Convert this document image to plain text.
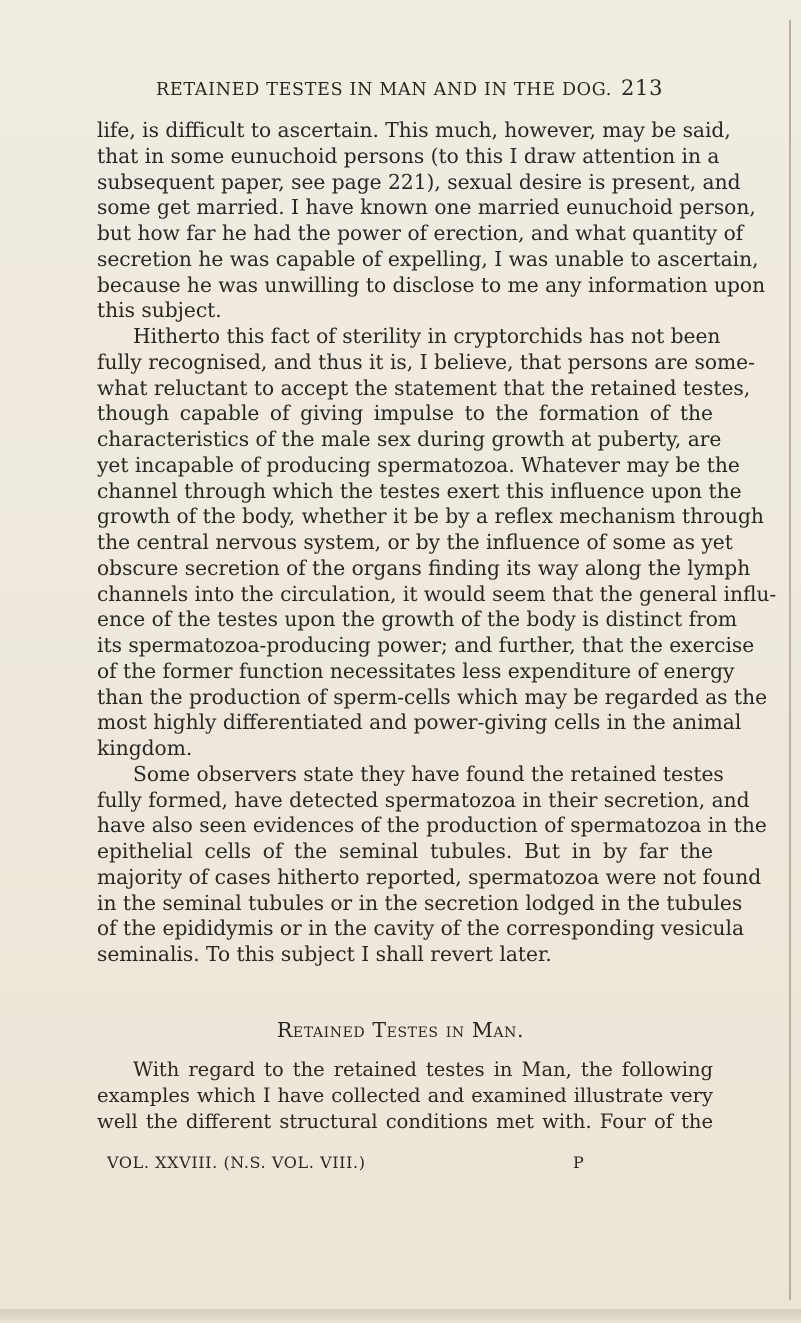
RETAINED TESTES IN MAN AND IN THE DOG. 213
life, is difficult to ascertain. This much, however, may be said,
that in some eunuchoid persons (to this I draw attention in a
subsequent paper, see page 221), sexual desire is present, and
some get married. I have known one married eunuchoid person,
but how far he had the power of erection, and what quantity of
secretion he was capable of expelling, I was unable to ascertain,
because he was unwilling to disclose to me any information upon
this subject.
Hitherto this fact of sterility in cryptorchids has not been
fully recognised, and thus it is, I believe, that persons are some-
what reluctant to accept the statement that the retained testes,
though capable of giving impulse to the formation of the
characteristics of the male sex during growth at puberty, are
yet incapable of producing spermatozoa. Whatever may be the
channel through which the testes exert this influence upon the
growth of the body, whether it be by a reflex mechanism through
the central nervous system, or by the influence of some as yet
obscure secretion of the organs finding its way along the lymph
channels into the circulation, it would seem that the general influ-
ence of the testes upon the growth of the body is distinct from
its spermatozoa-producing power; and further, that the exercise
of the former function necessitates less expenditure of energy
than the production of sperm-cells which may be regarded as the
most highly differentiated and power-giving cells in the animal
kingdom.
Some observers state they have found the retained testes
fully formed, have detected spermatozoa in their secretion, and
have also seen evidences of the production of spermatozoa in the
epithelial cells of the seminal tubules. But in by far the
majority of cases hitherto reported, spermatozoa were not found
in the seminal tubules or in the secretion lodged in the tubules
of the epididymis or in the cavity of the corresponding vesicula
seminalis. To this subject I shall revert later.
Retained Testes in Man.
With regard to the retained testes in Man, the following
examples which I have collected and examined illustrate very
well the different structural conditions met with. Four of the
VOL. XXVIII. (N.S. VOL. VIII.)	P
